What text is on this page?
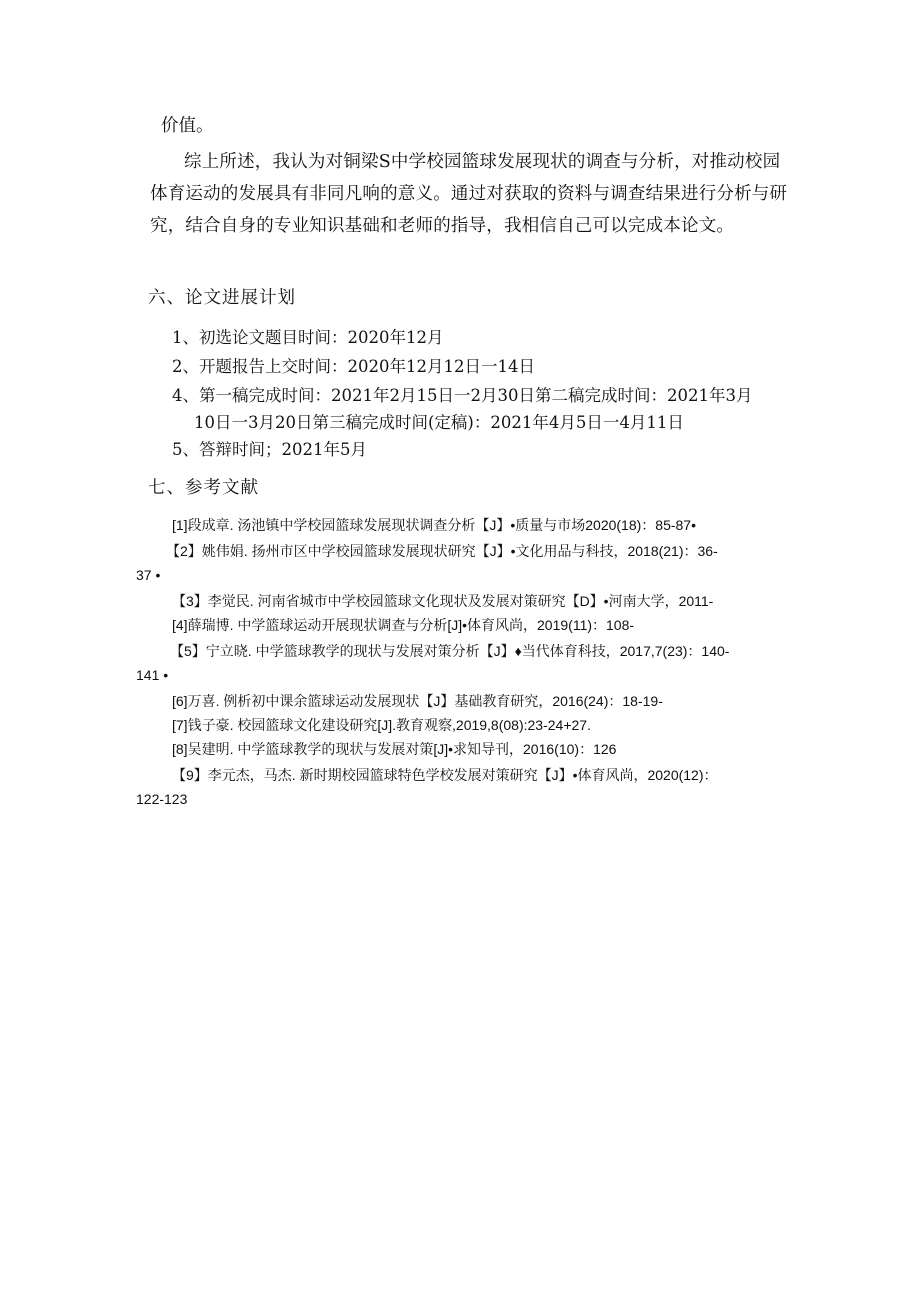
价值。
综上所述，我认为对铜梁S中学校园篮球发展现状的调查与分析，对推动校园体育运动的发展具有非同凡响的意义。通过对获取的资料与调查结果进行分析与研究，结合自身的专业知识基础和老师的指导，我相信自己可以完成本论文。
六、论文进展计划
1、初选论文题目时间：2020年12月
2、开题报告上交时间：2020年12月12日一14日
4、第一稿完成时间：2021年2月15日一2月30日第二稿完成时间：2021年3月
10日一3月20日第三稿完成时间(定稿)：2021年4月5日一4月11日
5、答辩时间；2021年5月
七、参考文献
[1]段成章. 汤池镇中学校园篮球发展现状调查分析【J】•质量与市场2020(18)：85-87•
【2】姚伟娟. 扬州市区中学校园篮球发展现状研究【J】•文化用品与科技，2018(21)：36-
37 •
【3】李觉民. 河南省城市中学校园篮球文化现状及发展对策研究【D】•河南大学，2011-
[4]薛瑞博. 中学篮球运动开展现状调查与分析[J]•体育风尚，2019(11)：108-
【5】宁立晓. 中学篮球教学的现状与发展对策分析【J】♦当代体育科技，2017,7(23)：140-
141 •
[6]万喜. 例析初中课余篮球运动发展现状【J】基础教育研究，2016(24)：18-19-
[7]钱子豪. 校园篮球文化建设研究[J].教育观察,2019,8(08):23-24+27.
[8]吴建明. 中学篮球教学的现状与发展对策[J]•求知导刊，2016(10)：126
【9】李元杰，马杰. 新时期校园篮球特色学校发展对策研究【J】•体育风尚，2020(12)：
122-123
